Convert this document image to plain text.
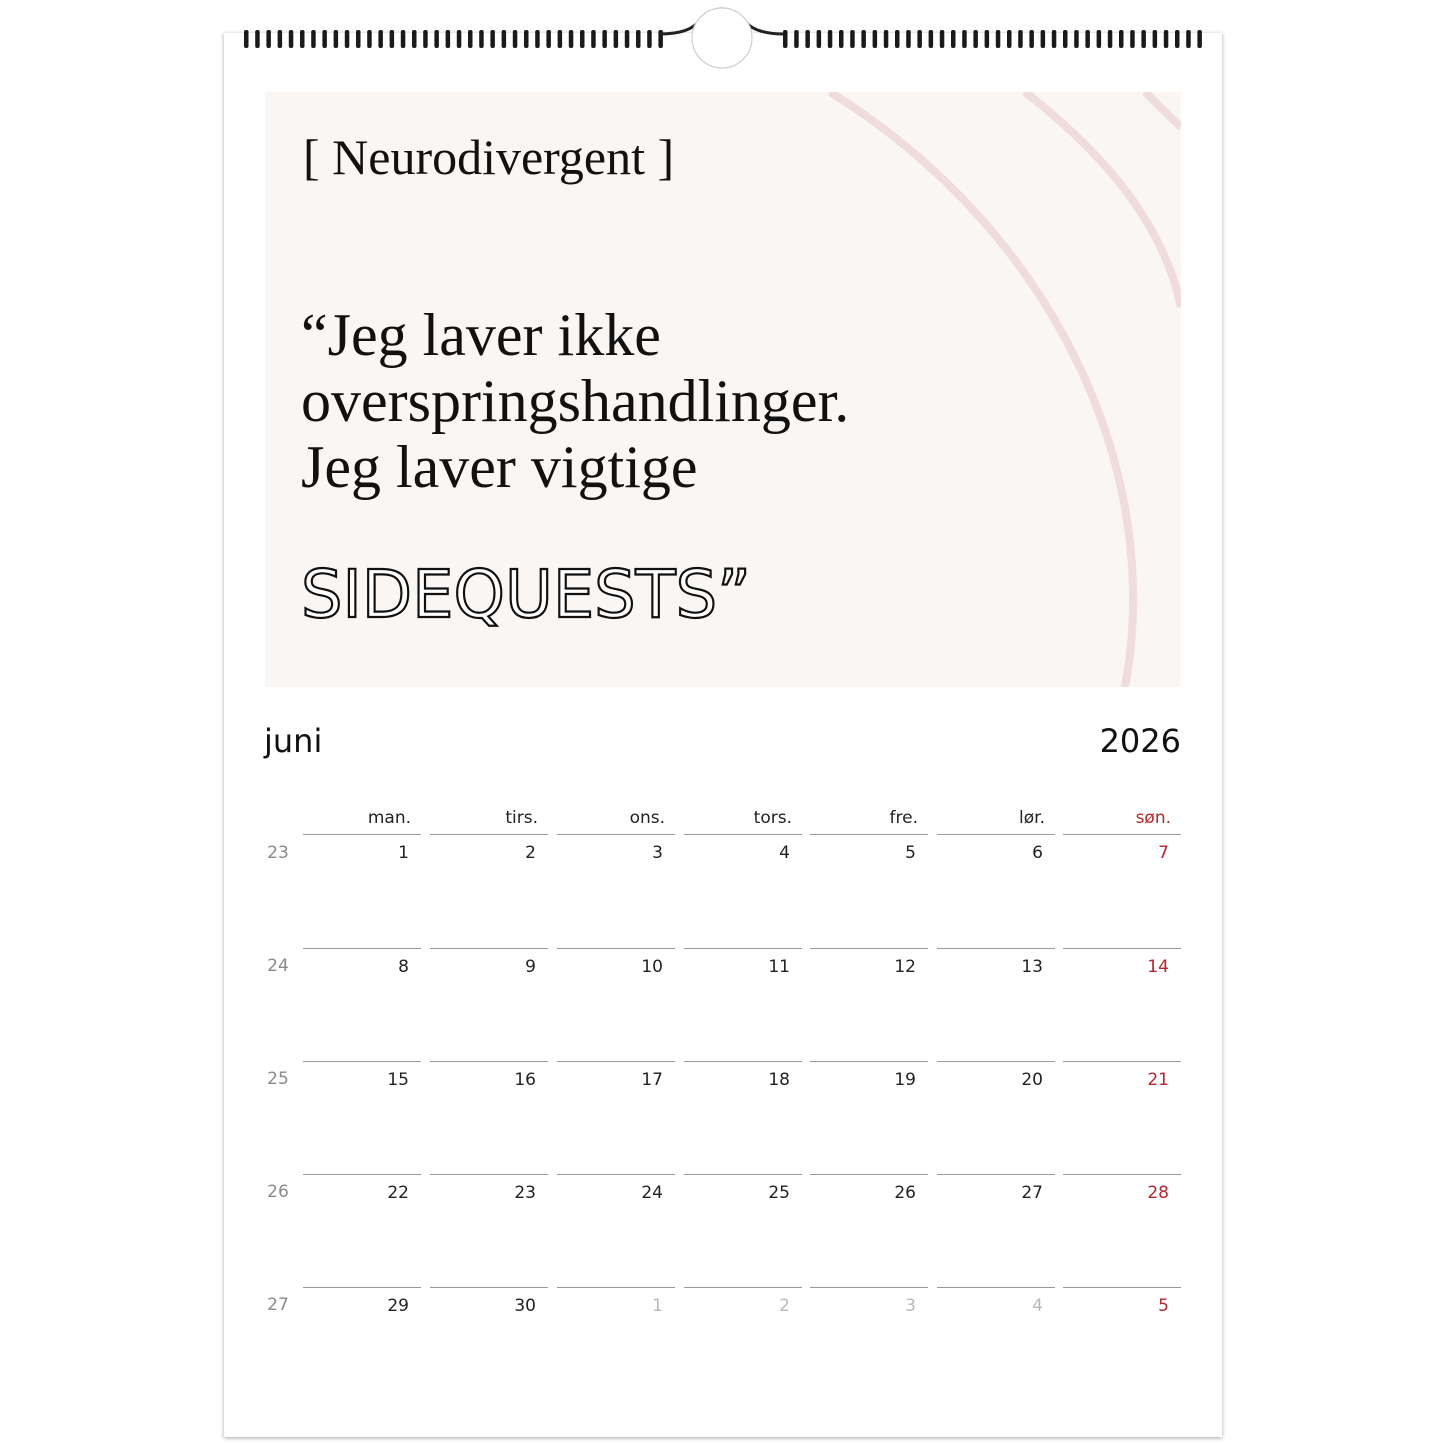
[ Neurodivergent ]
“Jeg laver ikke
overspringshandlinger.
Jeg laver vigtige
SIDEQUESTS”
juni	2026
man.	tirs.	ons.	tors.	fre.	lør.	søn.
23	1	2	3	4	5	6	7
24	8	9	10	11	12	13	14
25	15	16	17	18	19	20	21
26	22	23	24	25	26	27	28
27	29	30	1	2	3	4	5
